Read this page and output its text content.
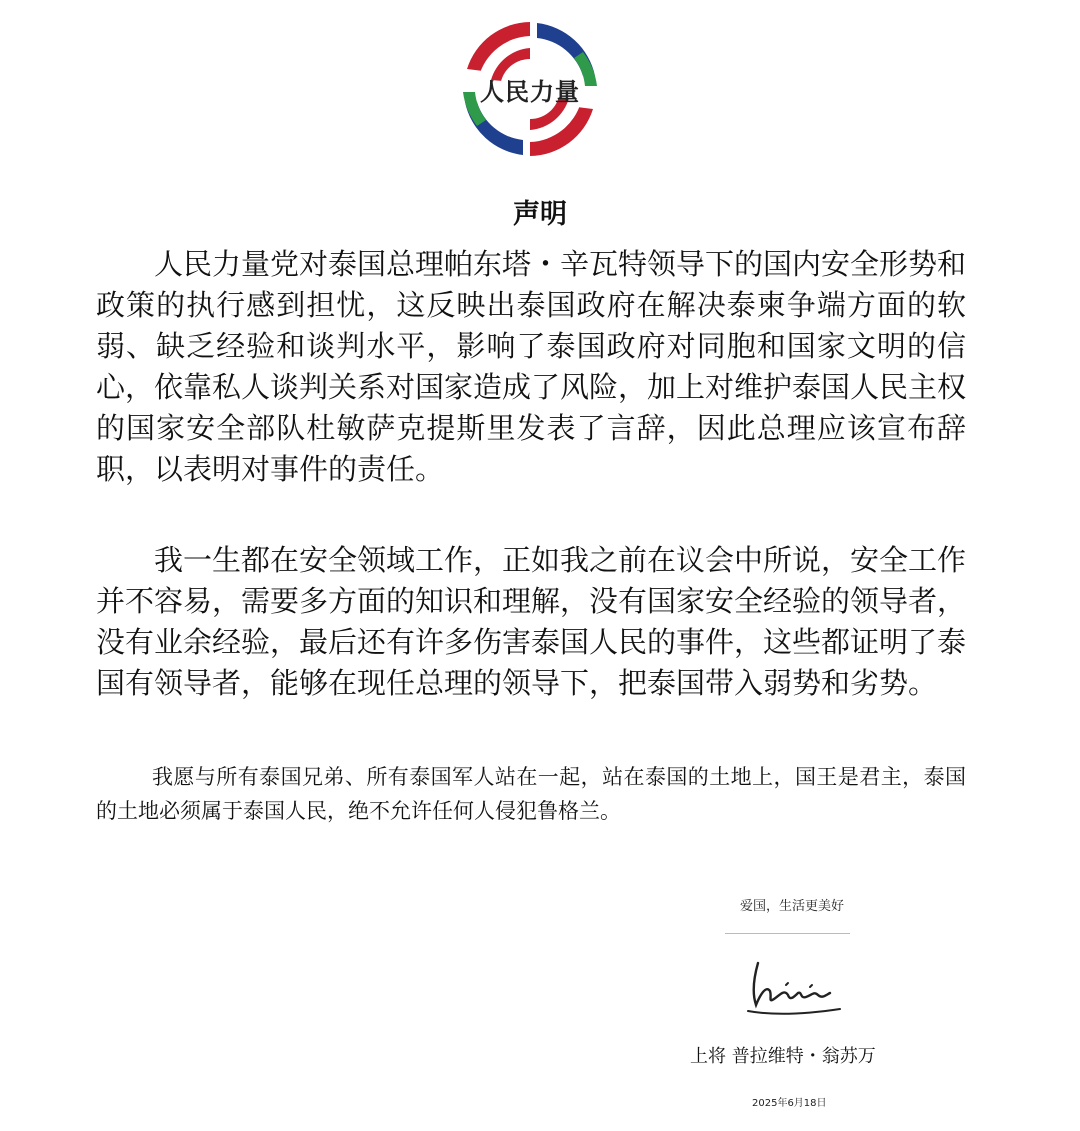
人民力量
声明

人民力量党对泰国总理帕东塔・辛瓦特领导下的国内安全形势和政策的执行感到担忧，这反映出泰国政府在解决泰柬争端方面的软弱、缺乏经验和谈判水平，影响了泰国政府对同胞和国家文明的信心，依靠私人谈判关系对国家造成了风险，加上对维护泰国人民主权的国家安全部队杜敏萨克提斯里发表了言辞，因此总理应该宣布辞职，以表明对事件的责任。

我一生都在安全领域工作，正如我之前在议会中所说，安全工作并不容易，需要多方面的知识和理解，没有国家安全经验的领导者，没有业余经验，最后还有许多伤害泰国人民的事件，这些都证明了泰国有领导者，能够在现任总理的领导下，把泰国带入弱势和劣势。

我愿与所有泰国兄弟、所有泰国军人站在一起，站在泰国的土地上，国王是君主，泰国的土地必须属于泰国人民，绝不允许任何人侵犯鲁格兰。

爱国，生活更美好
上将 普拉维特・翁苏万
2025年6月18日
